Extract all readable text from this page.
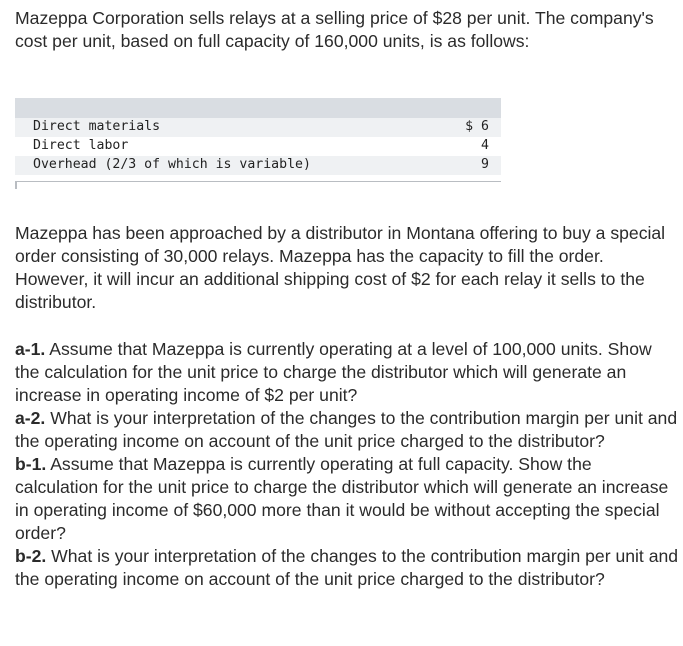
Mazeppa Corporation sells relays at a selling price of $28 per unit. The company's cost per unit, based on full capacity of 160,000 units, is as follows:

Direct materials	$ 6
Direct labor	4
Overhead (2/3 of which is variable)	9

Mazeppa has been approached by a distributor in Montana offering to buy a special order consisting of 30,000 relays. Mazeppa has the capacity to fill the order. However, it will incur an additional shipping cost of $2 for each relay it sells to the distributor.

a-1. Assume that Mazeppa is currently operating at a level of 100,000 units. Show the calculation for the unit price to charge the distributor which will generate an increase in operating income of $2 per unit?
a-2. What is your interpretation of the changes to the contribution margin per unit and the operating income on account of the unit price charged to the distributor?
b-1. Assume that Mazeppa is currently operating at full capacity. Show the calculation for the unit price to charge the distributor which will generate an increase in operating income of $60,000 more than it would be without accepting the special order?
b-2. What is your interpretation of the changes to the contribution margin per unit and the operating income on account of the unit price charged to the distributor?
